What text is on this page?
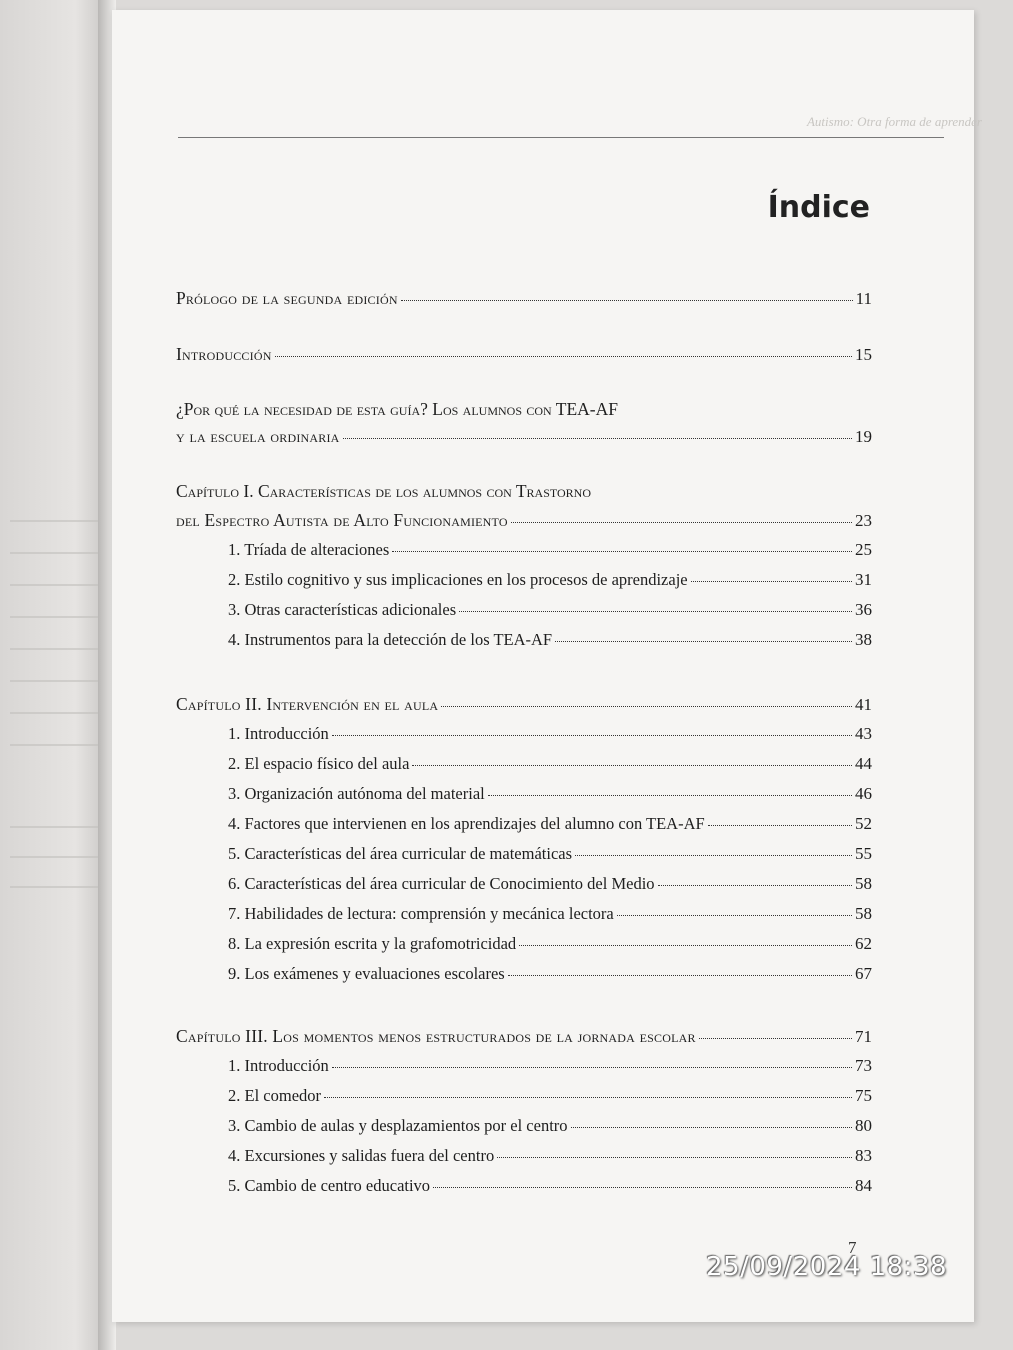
Autismo: Otra forma de aprender
Índice
Prólogo de la segunda edición	11
Introducción	15
¿Por qué la necesidad de esta guía? Los alumnos con TEA-AF
y la escuela ordinaria	19
Capítulo I. Características de los alumnos con Trastorno
del Espectro Autista de Alto Funcionamiento	23
1. Tríada de alteraciones	25
2. Estilo cognitivo y sus implicaciones en los procesos de aprendizaje	31
3. Otras características adicionales	36
4. Instrumentos para la detección de los TEA-AF	38
Capítulo II. Intervención en el aula	41
1. Introducción	43
2. El espacio físico del aula	44
3. Organización autónoma del material	46
4. Factores que intervienen en los aprendizajes del alumno con TEA-AF	52
5. Características del área curricular de matemáticas	55
6. Características del área curricular de Conocimiento del Medio	58
7. Habilidades de lectura: comprensión y mecánica lectora	58
8. La expresión escrita y la grafomotricidad	62
9. Los exámenes y evaluaciones escolares	67
Capítulo III. Los momentos menos estructurados de la jornada escolar	71
1. Introducción	73
2. El comedor	75
3. Cambio de aulas y desplazamientos por el centro	80
4. Excursiones y salidas fuera del centro	83
5. Cambio de centro educativo	84
7
25/09/2024 18:38
